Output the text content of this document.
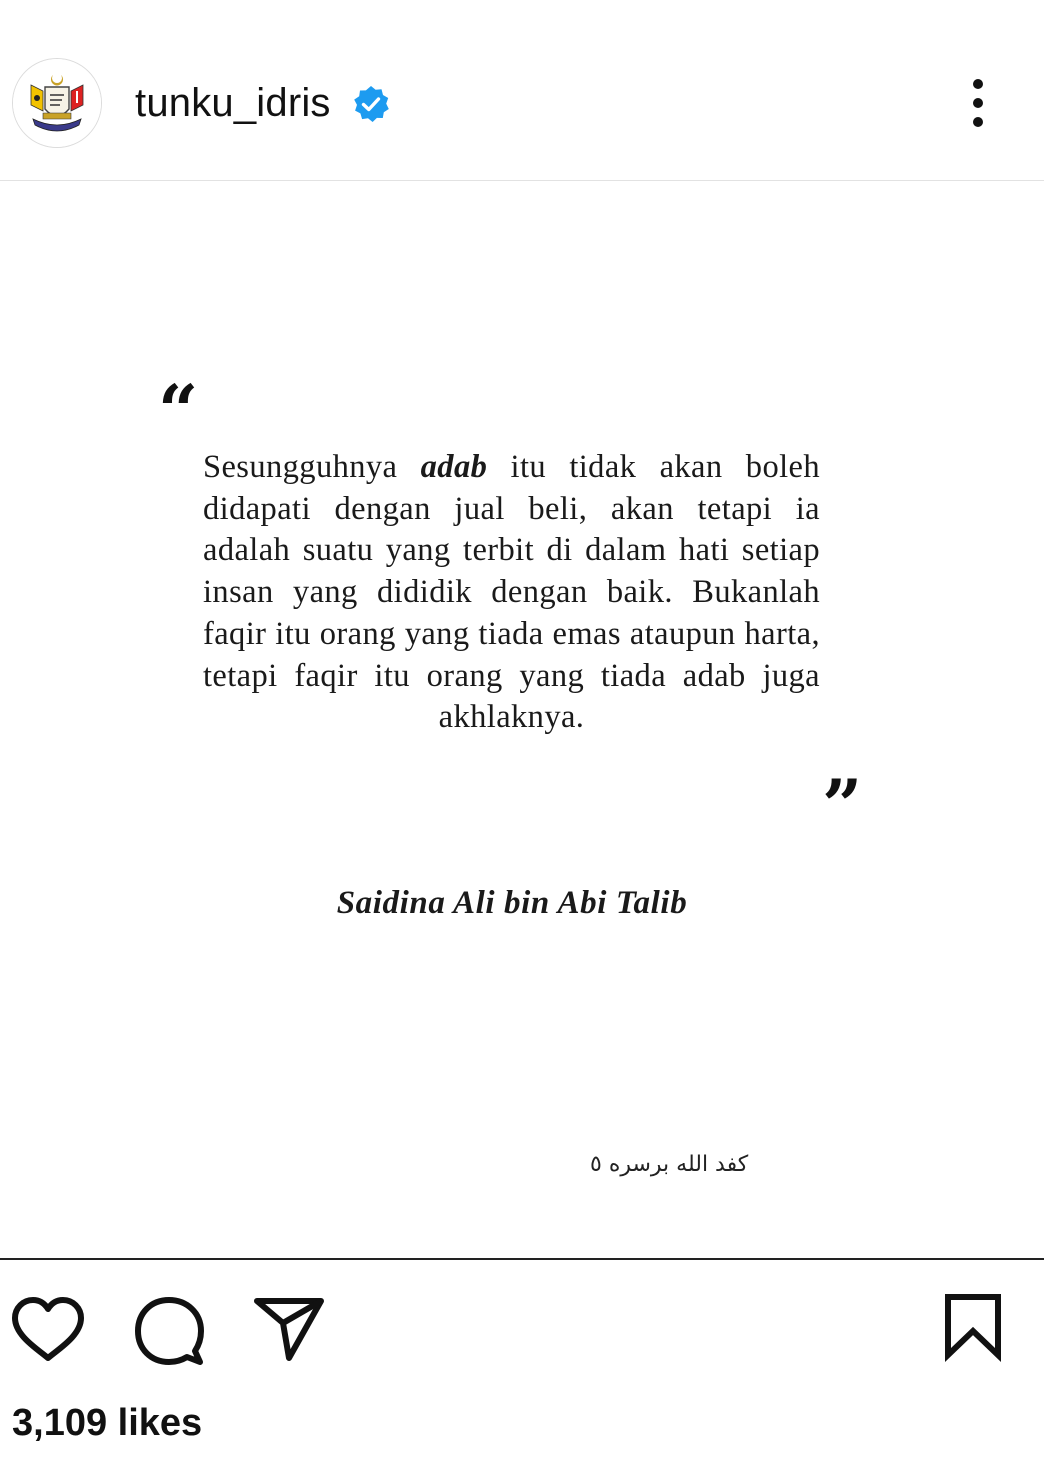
tunku_idris
“
Sesungguhnya adab itu tidak akan boleh didapati dengan jual beli, akan tetapi ia adalah suatu yang terbit di dalam hati setiap insan yang dididik dengan baik. Bukanlah faqir itu orang yang tiada emas ataupun harta, tetapi faqir itu orang yang tiada adab juga akhlaknya.
”
Saidina Ali bin Abi Talib
كفد الله برسره ٥
3,109 likes
